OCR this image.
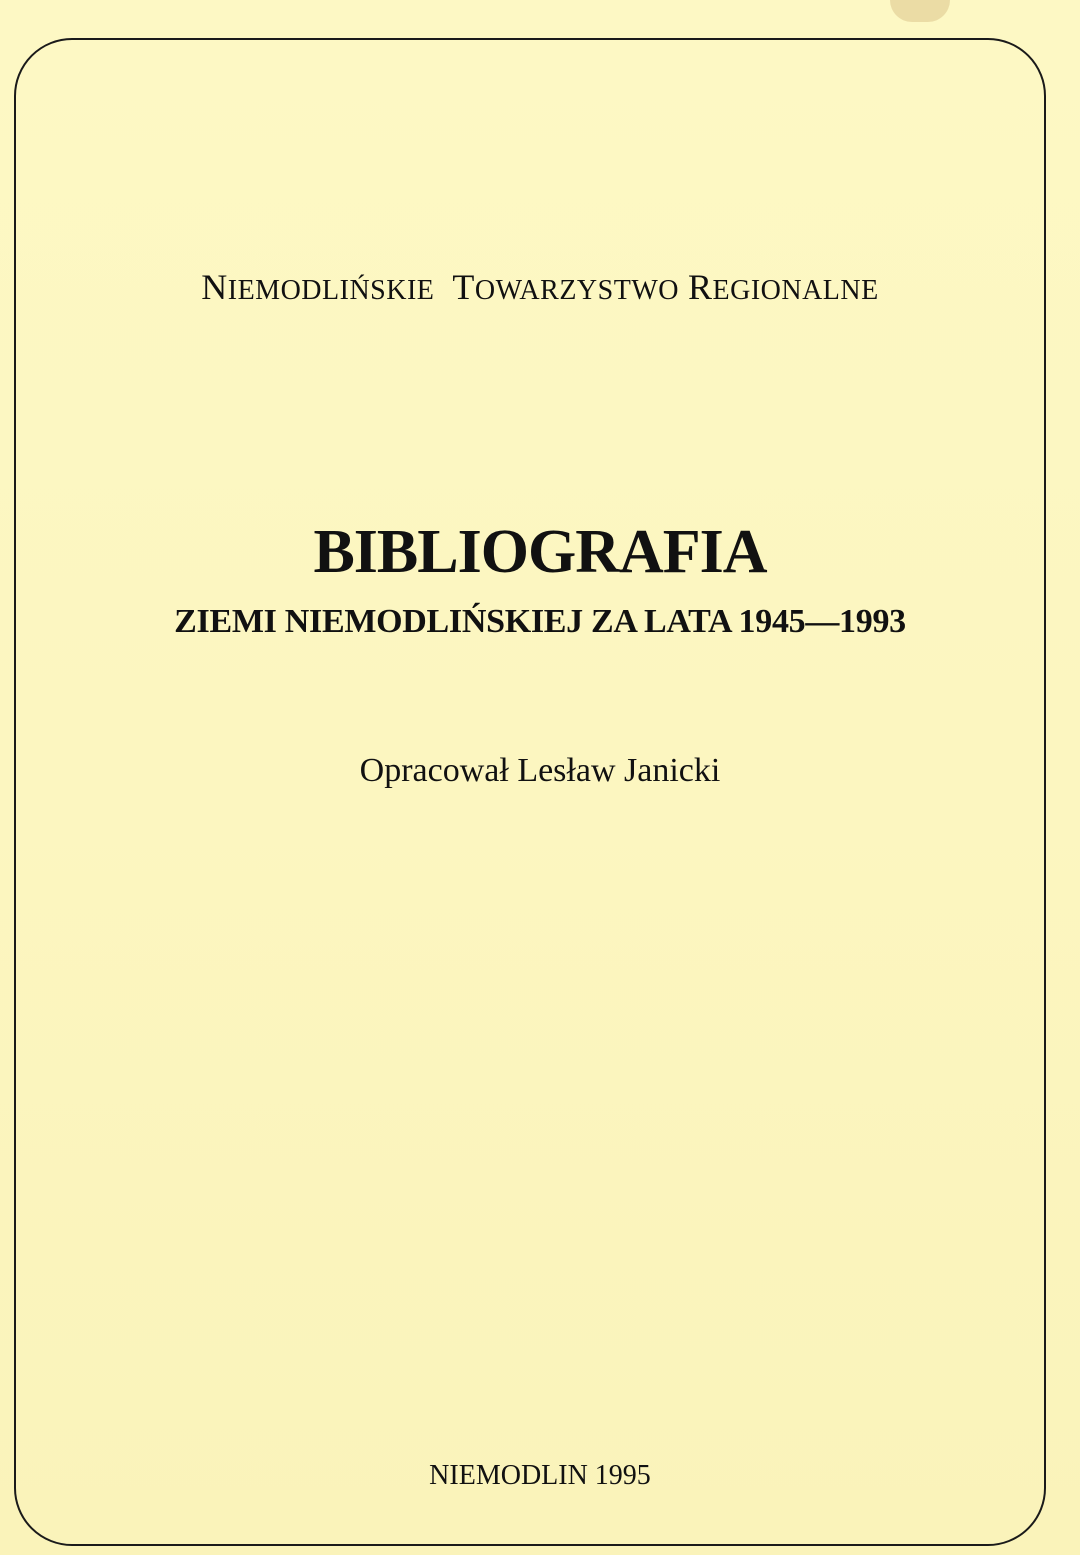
NIEMODLIŃSKIE TOWARZYSTWO REGIONALNE
BIBLIOGRAFIA
ZIEMI NIEMODLIŃSKIEJ ZA LATA 1945—1993
Opracował Lesław Janicki
NIEMODLIN 1995
